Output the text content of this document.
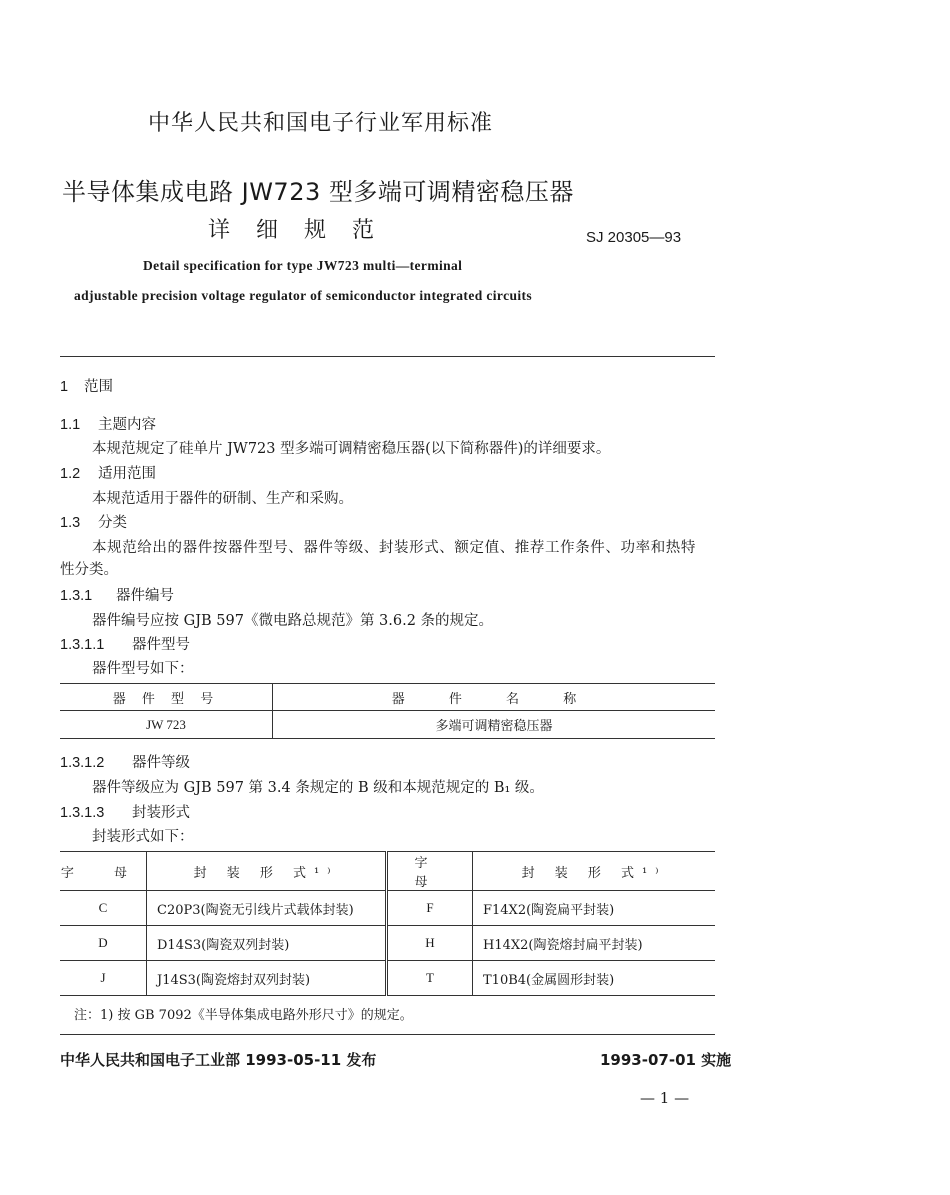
中华人民共和国电子行业军用标准
半导体集成电路 JW723 型多端可调精密稳压器
详细规范	SJ 20305—93
Detail specification for type JW723 multi—terminal
adjustable precision voltage regulator of semiconductor integrated circuits
1 范围
1.1 主题内容
本规范规定了硅单片 JW723 型多端可调精密稳压器(以下简称器件)的详细要求。
1.2 适用范围
本规范适用于器件的研制、生产和采购。
1.3 分类
本规范给出的器件按器件型号、器件等级、封装形式、额定值、推荐工作条件、功率和热特
性分类。
1.3.1 器件编号
器件编号应按 GJB 597《微电路总规范》第 3.6.2 条的规定。
1.3.1.1 器件型号
器件型号如下：
器 件 型 号	器 件 名 称
JW 723	多端可调精密稳压器
1.3.1.2 器件等级
器件等级应为 GJB 597 第 3.4 条规定的 B 级和本规范规定的 B₁ 级。
1.3.1.3 封装形式
封装形式如下：
字 母	封 装 形 式¹⁾	字 母	封 装 形 式¹⁾
C	C20P3(陶瓷无引线片式载体封装)	F	F14X2(陶瓷扁平封装)
D	D14S3(陶瓷双列封装)	H	H14X2(陶瓷熔封扁平封装)
J	J14S3(陶瓷熔封双列封装)	T	T10B4(金属圆形封装)
注：1) 按 GB 7092《半导体集成电路外形尺寸》的规定。
中华人民共和国电子工业部 1993-05-11 发布	1993-07-01 实施
— 1 —
